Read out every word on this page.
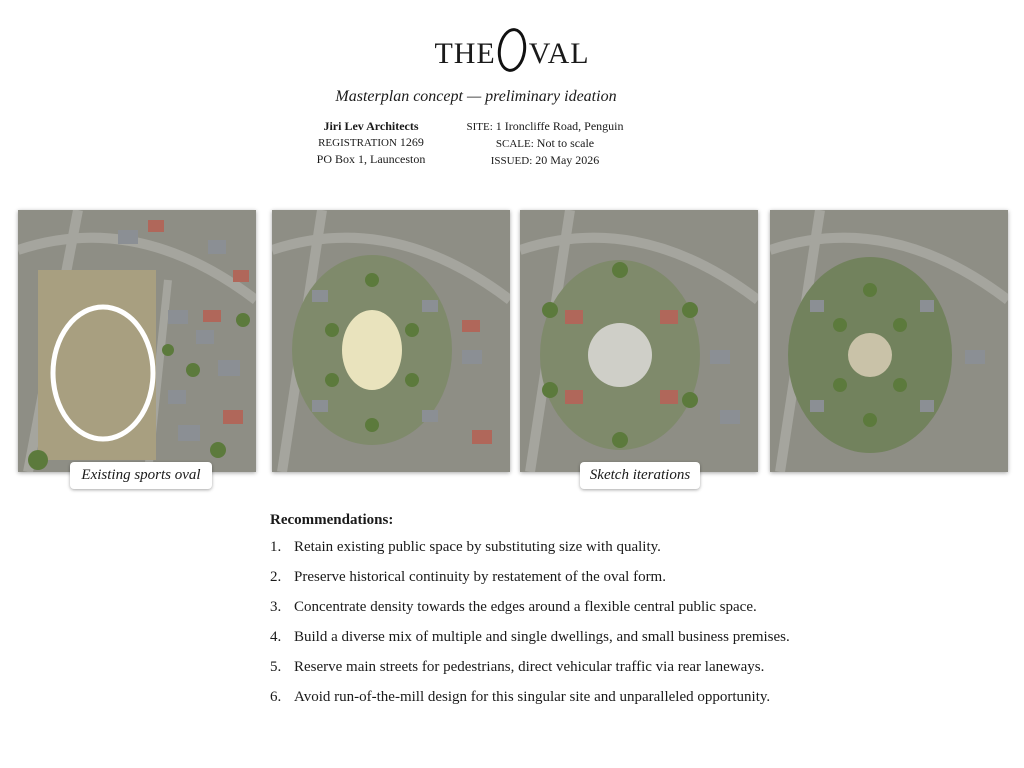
THE VAL
Masterplan concept — preliminary ideation
Jiri Lev Architects
REGISTRATION 1269
PO Box 1, Launceston
SITE: 1 Ironcliffe Road, Penguin
SCALE: Not to scale
ISSUED: 20 May 2026
Existing sports oval	Sketch iterations
Recommendations:
1. Retain existing public space by substituting size with quality.
2. Preserve historical continuity by restatement of the oval form.
3. Concentrate density towards the edges around a flexible central public space.
4. Build a diverse mix of multiple and single dwellings, and small business premises.
5. Reserve main streets for pedestrians, direct vehicular traffic via rear laneways.
6. Avoid run-of-the-mill design for this singular site and unparalleled opportunity.
